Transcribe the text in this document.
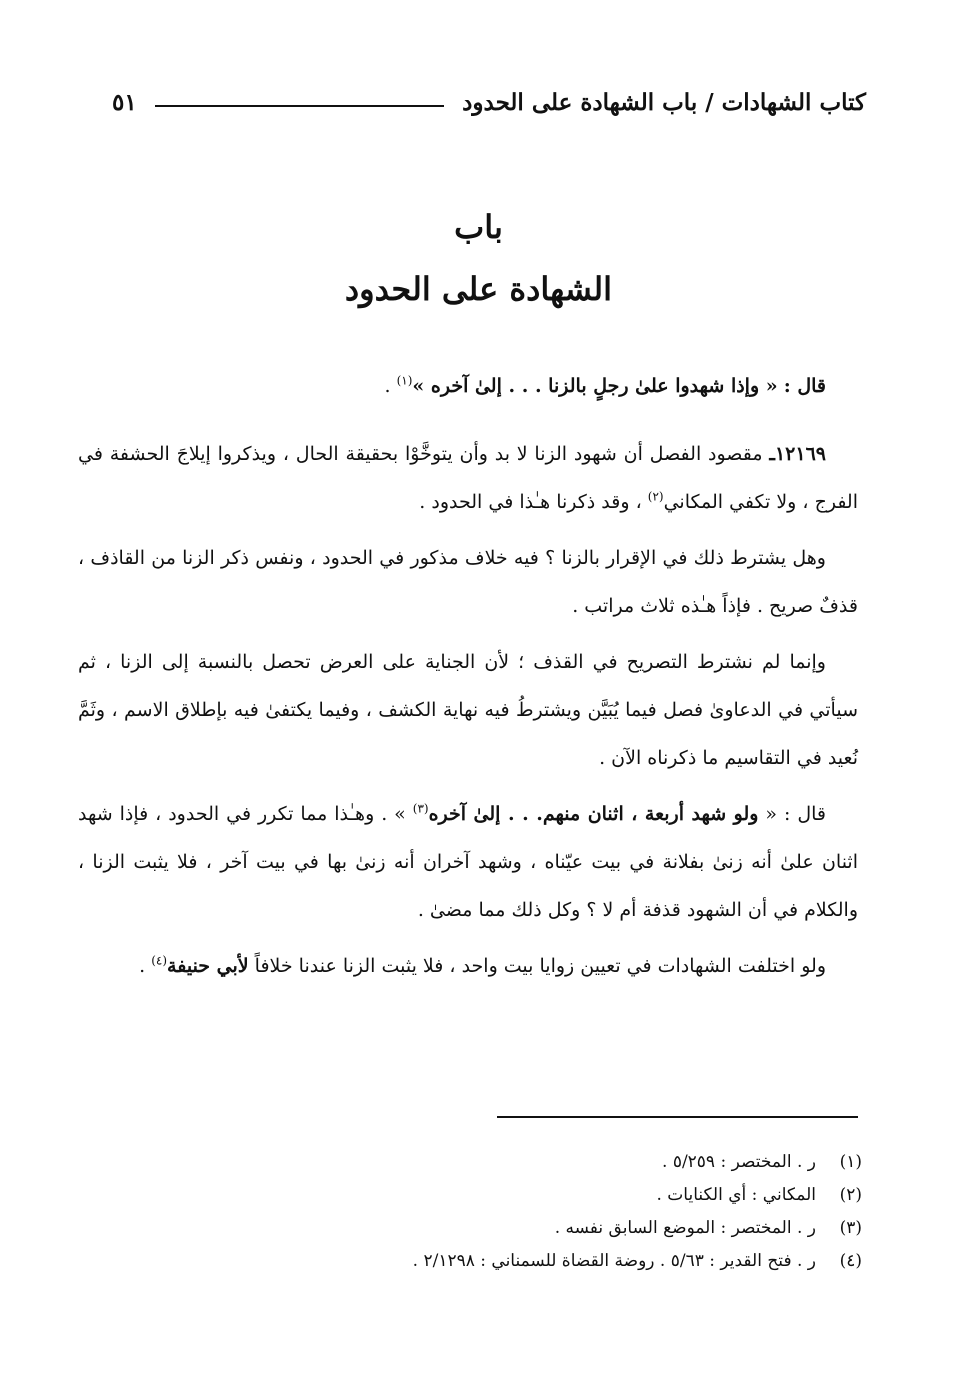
كتاب الشهادات / باب الشهادة على الحدود
٥١
باب
الشهادة على الحدود

قال : « وإذا شهدوا علىٰ رجلٍ بالزنا . . . إلىٰ آخره »$^{(١)}$ .

١٢١٦٩ـ مقصود الفصل أن شهود الزنا لا بد وأن يتوخَّوْا بحقيقة الحال ، ويذكروا إيلاجَ الحشفة في الفرج ، ولا تكفي المكاني$^{(٢)}$ ، وقد ذكرنا هـٰذا في الحدود .

وهل يشترط ذلك في الإقرار بالزنا ؟ فيه خلاف مذكور في الحدود ، ونفس ذكر الزنا من القاذف ، قذفٌ صريح . فإذاً هـٰذه ثلاث مراتب .

وإنما لم نشترط التصريح في القذف ؛ لأن الجناية على العرض تحصل بالنسبة إلى الزنا ، ثم سيأتي في الدعاوىٰ فصل فيما يُبَيَّن ويشترطُ فيه نهاية الكشف ، وفيما يكتفىٰ فيه بإطلاق الاسم ، وثَمَّ نُعيد في التقاسيم ما ذكرناه الآن .

قال : « ولو شهد أربعة ، اثنان منهم. . . إلىٰ آخره$^{(٣)}$ » . وهـٰذا مما تكرر في الحدود ، فإذا شهد اثنان علىٰ أنه زنىٰ بفلانة في بيت عيّناه ، وشهد آخران أنه زنىٰ بها في بيت آخر ، فلا يثبت الزنا ، والكلام في أن الشهود قذفة أم لا ؟ وكل ذلك مما مضىٰ .

ولو اختلفت الشهادات في تعيين زوايا بيت واحد ، فلا يثبت الزنا عندنا خلافاً لأبي حنيفة$^{(٤)}$ .

(١)
ر . المختصر : ٥/٢٥٩ .
(٢)
المكاني : أي الكنايات .
(٣)
ر . المختصر : الموضع السابق نفسه .
(٤)
ر . فتح القدير : ٥/٦٣ . روضة القضاة للسمناني : ٢/١٢٩٨ .
